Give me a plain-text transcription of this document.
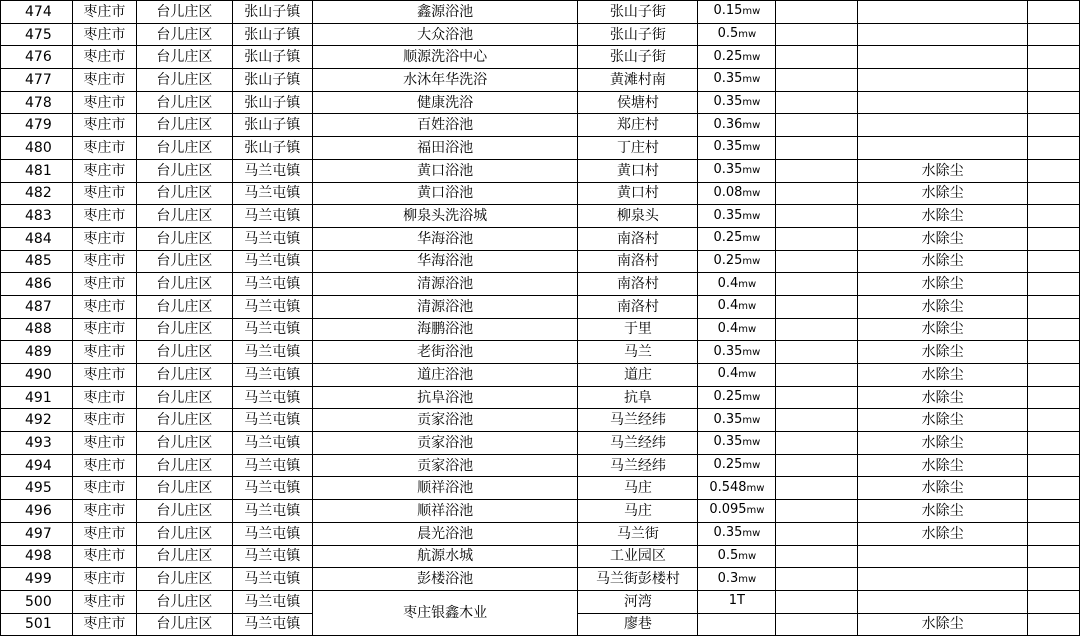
474	枣庄市	台儿庄区	张山子镇	鑫源浴池	张山子街	0.15mw			
475	枣庄市	台儿庄区	张山子镇	大众浴池	张山子街	0.5mw			
476	枣庄市	台儿庄区	张山子镇	顺源洗浴中心	张山子街	0.25mw			
477	枣庄市	台儿庄区	张山子镇	水沐年华洗浴	黄滩村南	0.35mw			
478	枣庄市	台儿庄区	张山子镇	健康洗浴	侯塘村	0.35mw			
479	枣庄市	台儿庄区	张山子镇	百姓浴池	郑庄村	0.36mw			
480	枣庄市	台儿庄区	张山子镇	福田浴池	丁庄村	0.35mw			
481	枣庄市	台儿庄区	马兰屯镇	黄口浴池	黄口村	0.35mw		水除尘	
482	枣庄市	台儿庄区	马兰屯镇	黄口浴池	黄口村	0.08mw		水除尘	
483	枣庄市	台儿庄区	马兰屯镇	柳泉头洗浴城	柳泉头	0.35mw		水除尘	
484	枣庄市	台儿庄区	马兰屯镇	华海浴池	南洛村	0.25mw		水除尘	
485	枣庄市	台儿庄区	马兰屯镇	华海浴池	南洛村	0.25mw		水除尘	
486	枣庄市	台儿庄区	马兰屯镇	清源浴池	南洛村	0.4mw		水除尘	
487	枣庄市	台儿庄区	马兰屯镇	清源浴池	南洛村	0.4mw		水除尘	
488	枣庄市	台儿庄区	马兰屯镇	海鹏浴池	于里	0.4mw		水除尘	
489	枣庄市	台儿庄区	马兰屯镇	老街浴池	马兰	0.35mw		水除尘	
490	枣庄市	台儿庄区	马兰屯镇	道庄浴池	道庄	0.4mw		水除尘	
491	枣庄市	台儿庄区	马兰屯镇	抗阜浴池	抗阜	0.25mw		水除尘	
492	枣庄市	台儿庄区	马兰屯镇	贡家浴池	马兰经纬	0.35mw		水除尘	
493	枣庄市	台儿庄区	马兰屯镇	贡家浴池	马兰经纬	0.35mw		水除尘	
494	枣庄市	台儿庄区	马兰屯镇	贡家浴池	马兰经纬	0.25mw		水除尘	
495	枣庄市	台儿庄区	马兰屯镇	顺祥浴池	马庄	0.548mw		水除尘	
496	枣庄市	台儿庄区	马兰屯镇	顺祥浴池	马庄	0.095mw		水除尘	
497	枣庄市	台儿庄区	马兰屯镇	晨光浴池	马兰街	0.35mw		水除尘	
498	枣庄市	台儿庄区	马兰屯镇	航源水城	工业园区	0.5mw			
499	枣庄市	台儿庄区	马兰屯镇	彭楼浴池	马兰街彭楼村	0.3mw			
500	枣庄市	台儿庄区	马兰屯镇	枣庄银鑫木业	河湾	1T			
501	枣庄市	台儿庄区	马兰屯镇		廖巷			水除尘	
